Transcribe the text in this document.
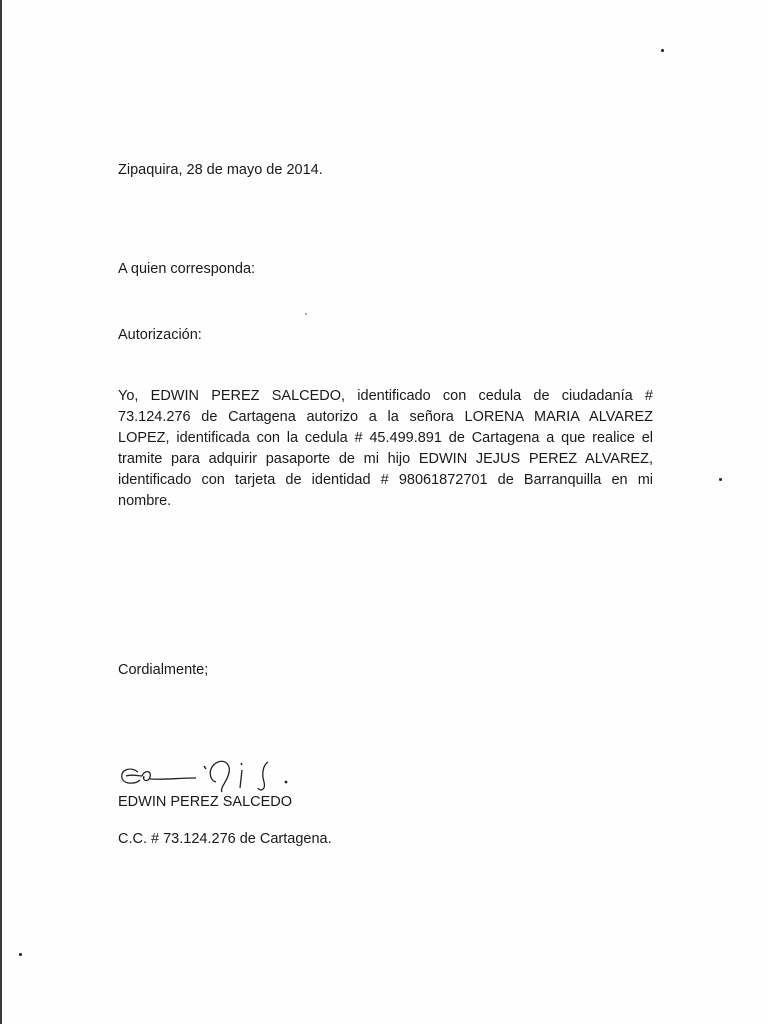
Zipaquira, 28 de mayo de 2014.
A quien corresponda:
Autorización:
Yo, EDWIN PEREZ SALCEDO, identificado con cedula de ciudadanía #
73.124.276 de Cartagena autorizo a la señora LORENA MARIA ALVAREZ
LOPEZ, identificada con la cedula # 45.499.891 de Cartagena a que realice el
tramite para adquirir pasaporte de mi hijo EDWIN JEJUS PEREZ ALVAREZ,
identificado con tarjeta de identidad # 98061872701 de Barranquilla en mi
nombre.
Cordialmente;
EDWIN PEREZ SALCEDO
C.C. # 73.124.276 de Cartagena.
